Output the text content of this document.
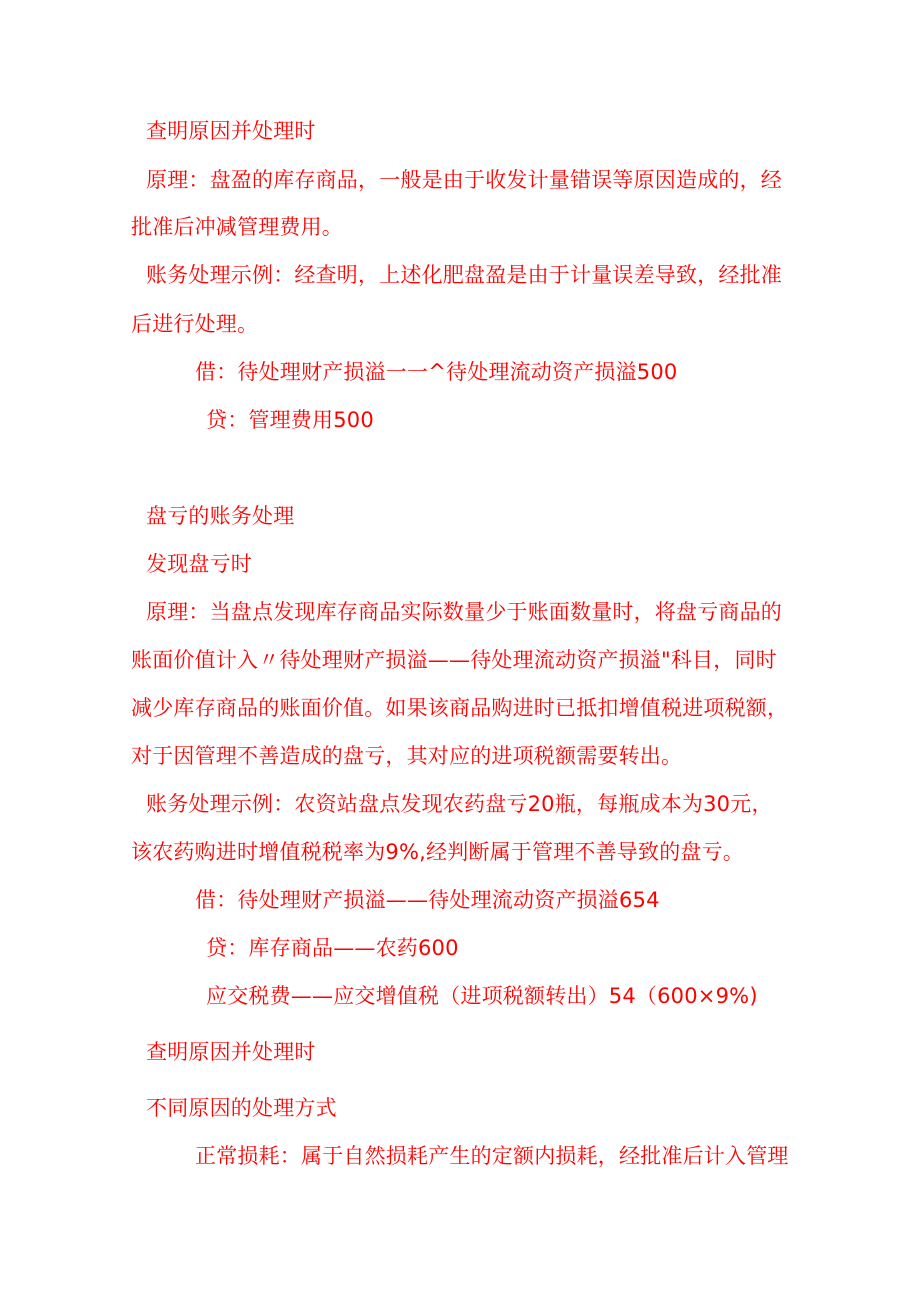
查明原因并处理时
原理：盘盈的库存商品，一般是由于收发计量错误等原因造成的，经
批准后冲减管理费用。
账务处理示例：经查明，上述化肥盘盈是由于计量误差导致，经批准
后进行处理。
借：待处理财产损溢一一^待处理流动资产损溢500
贷：管理费用500
盘亏的账务处理
发现盘亏时
原理：当盘点发现库存商品实际数量少于账面数量时，将盘亏商品的
账面价值计入〃待处理财产损溢——待处理流动资产损溢"科目，同时
减少库存商品的账面价值。如果该商品购进时已抵扣增值税进项税额，
对于因管理不善造成的盘亏，其对应的进项税额需要转出。
账务处理示例：农资站盘点发现农药盘亏20瓶，每瓶成本为30元，
该农药购进时增值税税率为9%,经判断属于管理不善导致的盘亏。
借：待处理财产损溢——待处理流动资产损溢654
贷：库存商品——农药600
应交税费——应交增值税（进项税额转出）54（600×9%)
查明原因并处理时
不同原因的处理方式
正常损耗：属于自然损耗产生的定额内损耗，经批准后计入管理
